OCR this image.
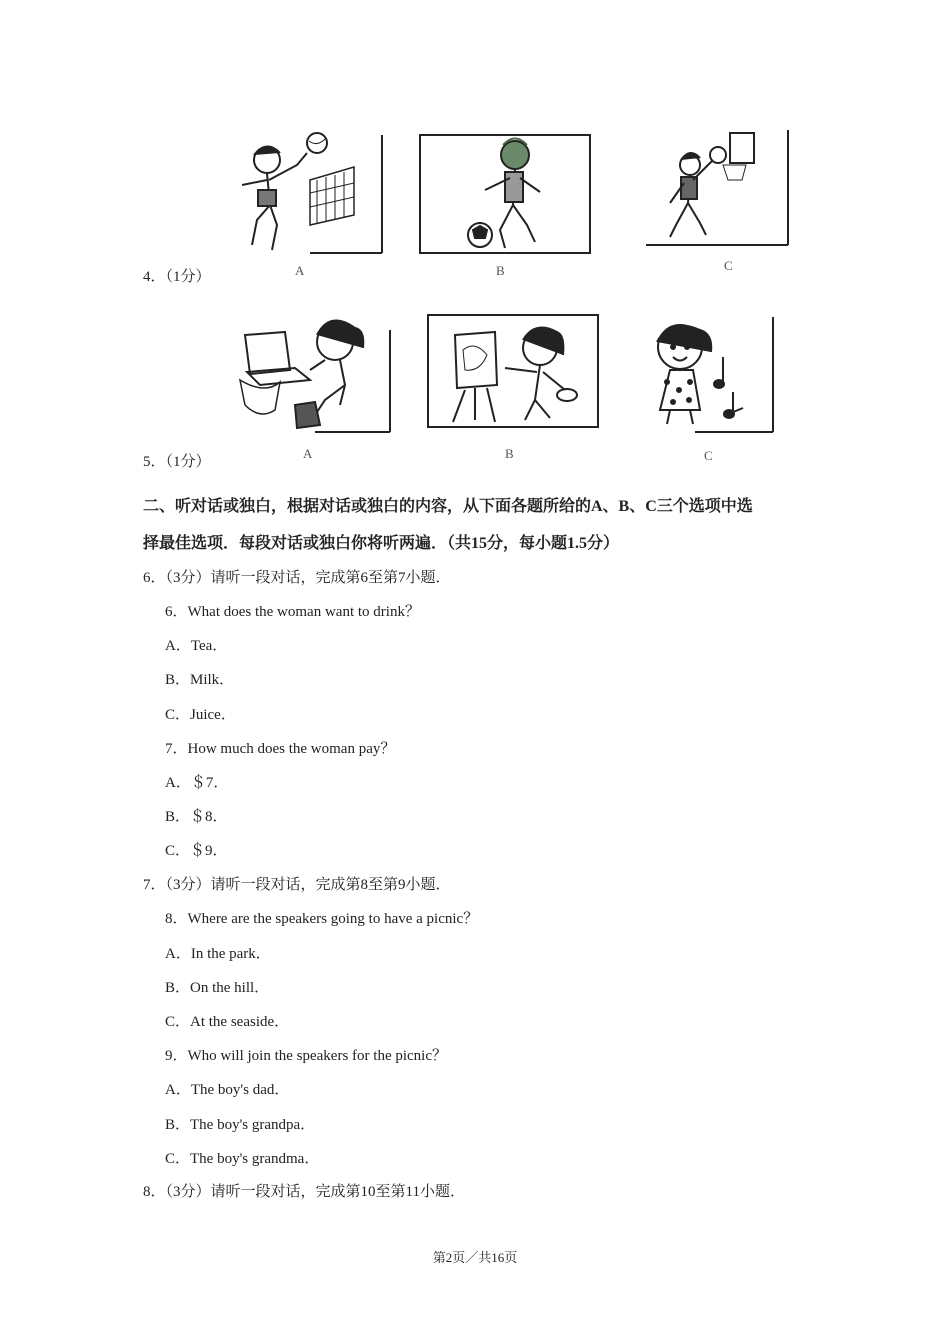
4．（1分）	A	B	C
5．（1分）
A	B	C
二、听对话或独白，根据对话或独白的内容，从下面各题所给的A、B、C三个选项中选
择最佳选项．每段对话或独白你将听两遍．（共15分，每小题1.5分）
6．（3分）请听一段对话，完成第6至第7小题．
6．What does the woman want to drink？
A．Tea．
B．Milk．
C．Juice．
7．How much does the woman pay？
A．＄7．
B．＄8．
C．＄9．
7．（3分）请听一段对话，完成第8至第9小题．
8．Where are the speakers going to have a picnic？
A．In the park．
B．On the hill．
C．At the seaside．
9．Who will join the speakers for the picnic？
A．The boy's dad．
B．The boy's grandpa．
C．The boy's grandma．
8．（3分）请听一段对话，完成第10至第11小题．
第2页／共16页
